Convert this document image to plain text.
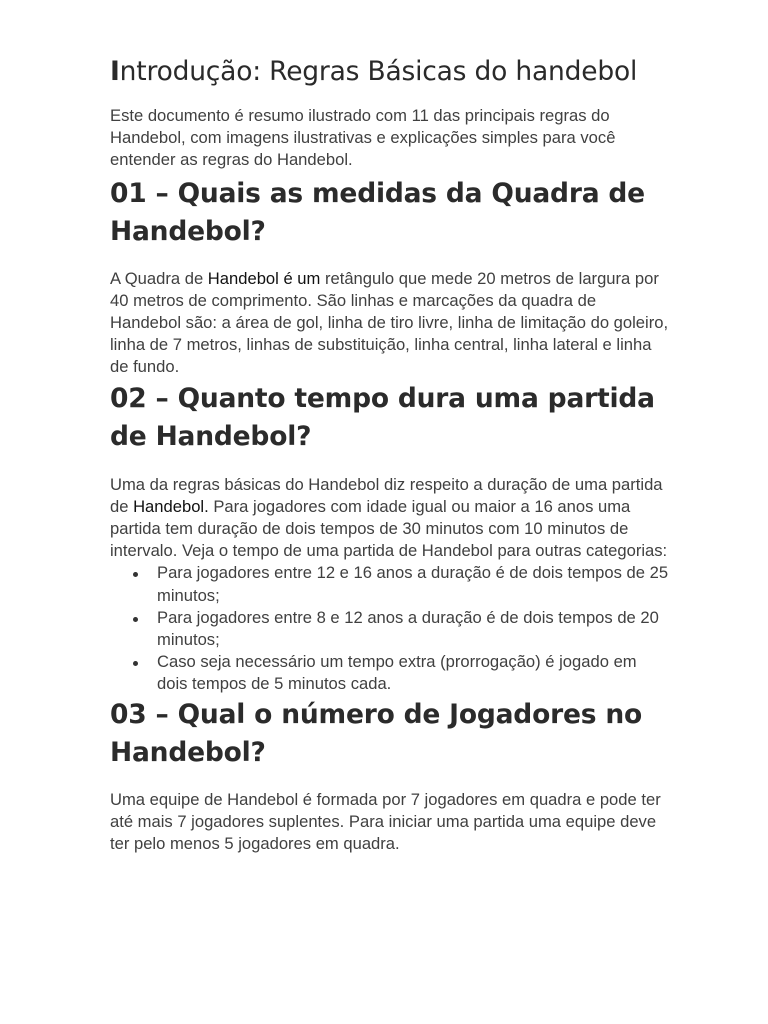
Introdução: Regras Básicas do handebol

Este documento é resumo ilustrado com 11 das principais regras do Handebol, com imagens ilustrativas e explicações simples para você entender as regras do Handebol.

01 – Quais as medidas da Quadra de Handebol?

A Quadra de Handebol é um retângulo que mede 20 metros de largura por 40 metros de comprimento. São linhas e marcações da quadra de Handebol são: a área de gol, linha de tiro livre, linha de limitação do goleiro, linha de 7 metros, linhas de substituição, linha central, linha lateral e linha de fundo.

02 – Quanto tempo dura uma partida de Handebol?

Uma da regras básicas do Handebol diz respeito a duração de uma partida de Handebol. Para jogadores com idade igual ou maior a 16 anos uma partida tem duração de dois tempos de 30 minutos com 10 minutos de intervalo. Veja o tempo de uma partida de Handebol para outras categorias:

Para jogadores entre 12 e 16 anos a duração é de dois tempos de 25 minutos;
Para jogadores entre 8 e 12 anos a duração é de dois tempos de 20 minutos;
Caso seja necessário um tempo extra (prorrogação) é jogado em dois tempos de 5 minutos cada.
03 – Qual o número de Jogadores no Handebol?

Uma equipe de Handebol é formada por 7 jogadores em quadra e pode ter até mais 7 jogadores suplentes. Para iniciar uma partida uma equipe deve ter pelo menos 5 jogadores em quadra.
